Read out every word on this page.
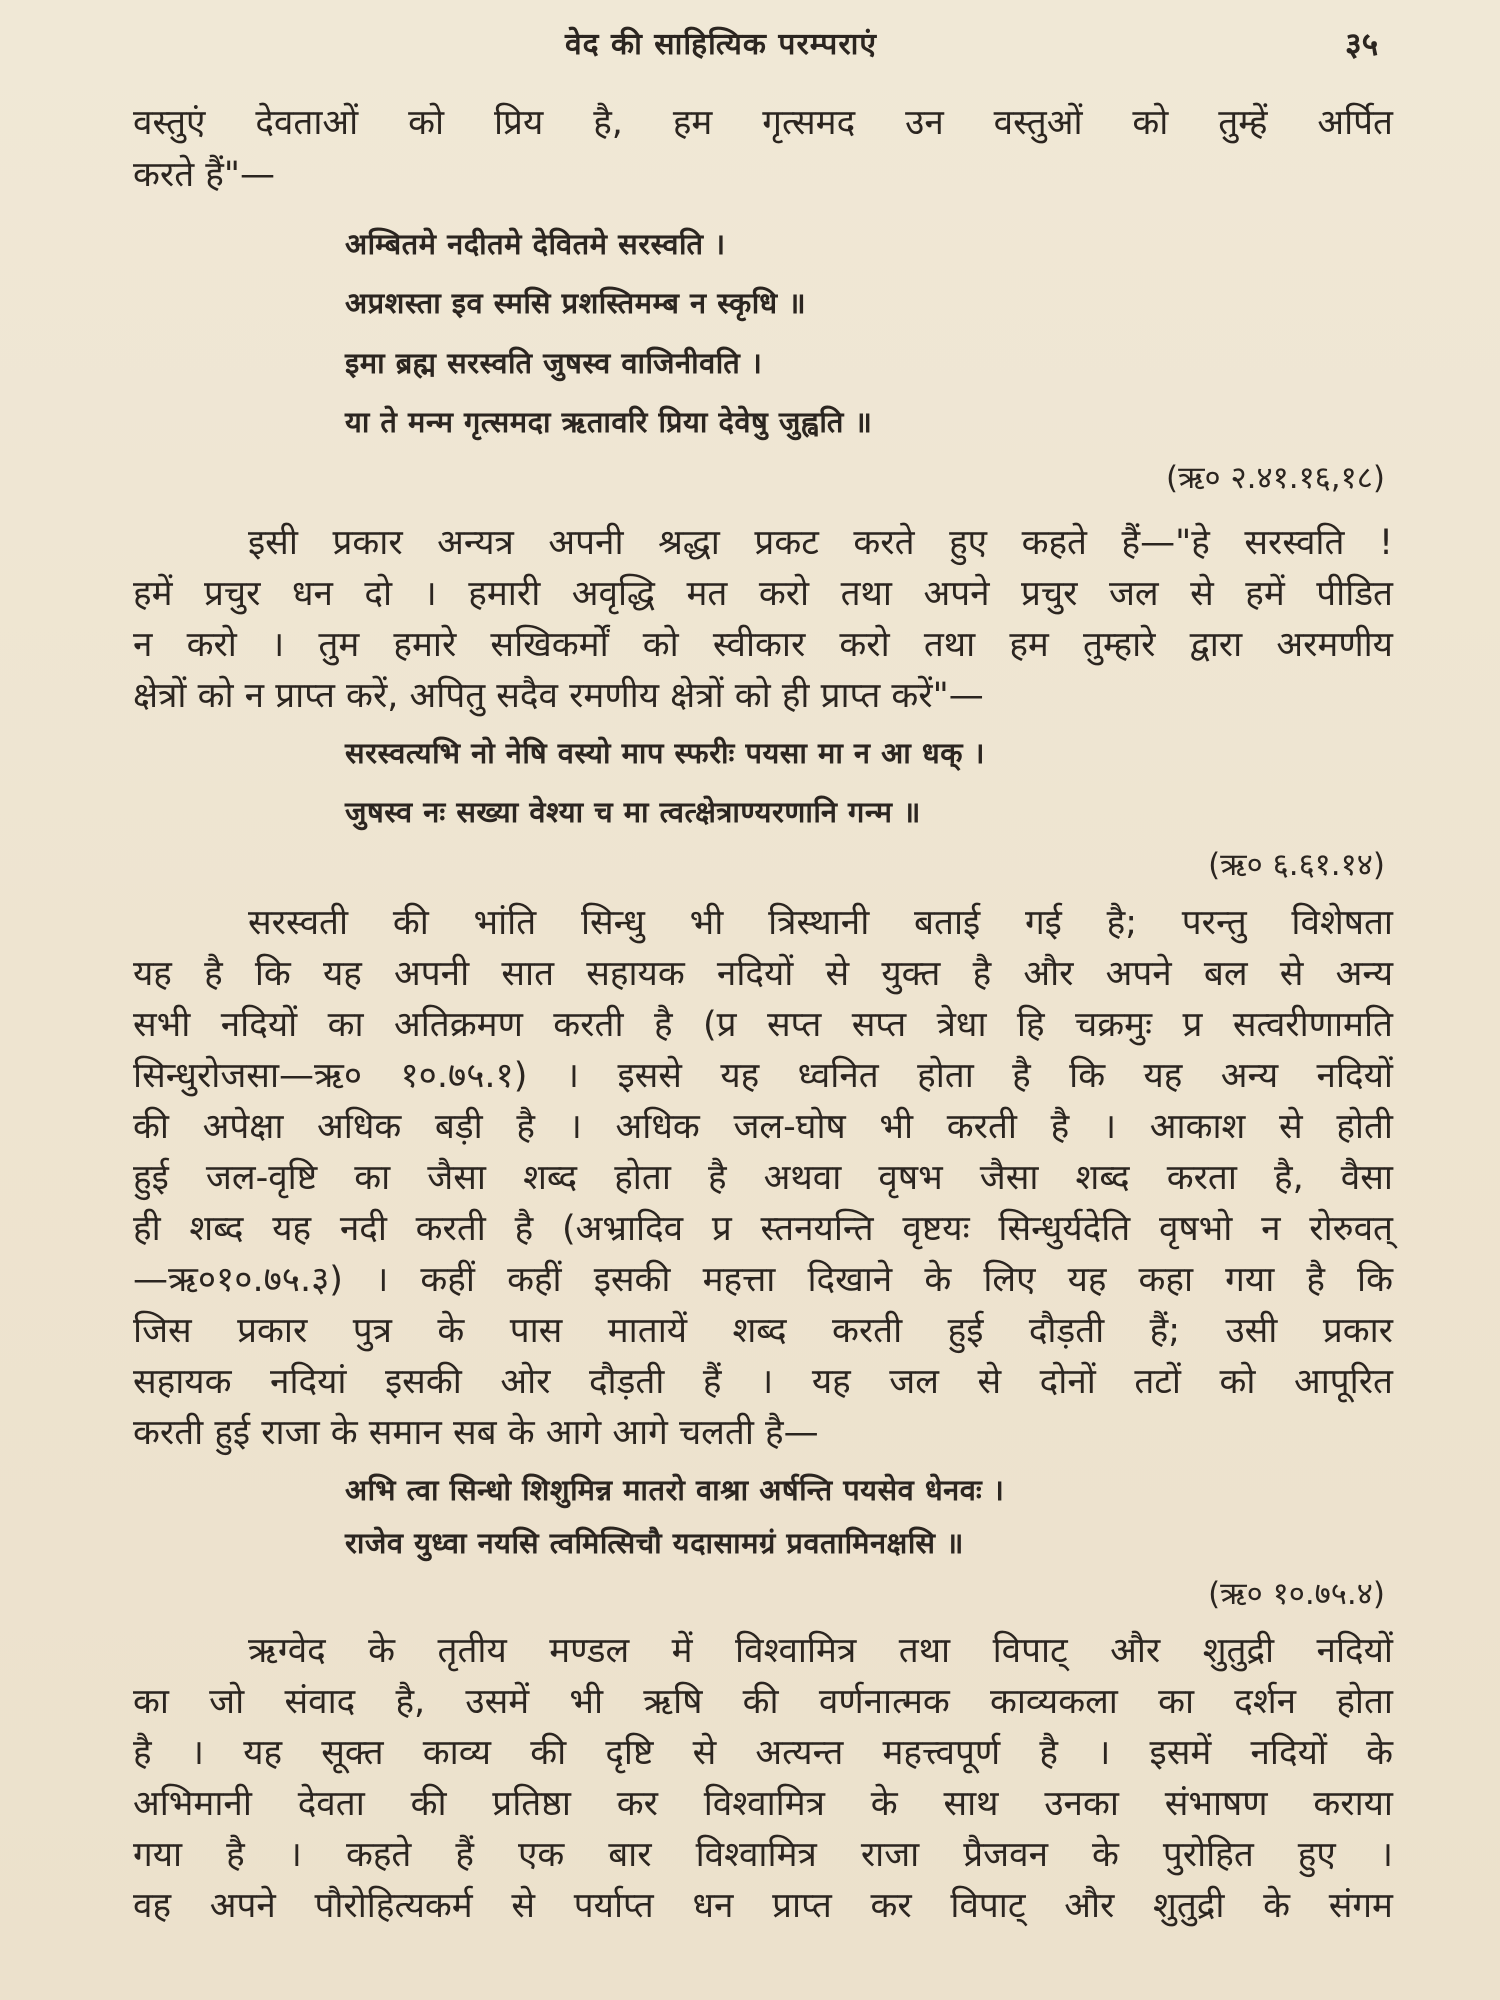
वेद की साहित्यिक परम्पराएं	३५
वस्तुएं देवताओं को प्रिय है, हम गृत्समद उन वस्तुओं को तुम्हें अर्पित
करते हैं"—
अम्बितमे नदीतमे देवितमे सरस्वति ।
अप्रशस्ता इव स्मसि प्रशस्तिमम्ब न स्कृधि ॥
इमा ब्रह्म सरस्वति जुषस्व वाजिनीवति ।
या ते मन्म गृत्समदा ऋतावरि प्रिया देवेषु जुह्वति ॥
(ऋ० २.४१.१६,१८)
इसी प्रकार अन्यत्र अपनी श्रद्धा प्रकट करते हुए कहते हैं—"हे सरस्वति !
हमें प्रचुर धन दो । हमारी अवृद्धि मत करो तथा अपने प्रचुर जल से हमें पीडित
न करो । तुम हमारे सखिकर्मों को स्वीकार करो तथा हम तुम्हारे द्वारा अरमणीय
क्षेत्रों को न प्राप्त करें, अपितु सदैव रमणीय क्षेत्रों को ही प्राप्त करें"—
सरस्वत्यभि नो नेषि वस्यो माप स्फरीः पयसा मा न आ धक् ।
जुषस्व नः सख्या वेश्या च मा त्वत्क्षेत्राण्यरणानि गन्म ॥
(ऋ० ६.६१.१४)
सरस्वती की भांति सिन्धु भी त्रिस्थानी बताई गई है; परन्तु विशेषता
यह है कि यह अपनी सात सहायक नदियों से युक्त है और अपने बल से अन्य
सभी नदियों का अतिक्रमण करती है (प्र सप्त सप्त त्रेधा हि चक्रमुः प्र सत्वरीणामति
सिन्धुरोजसा—ऋ० १०.७५.१) । इससे यह ध्वनित होता है कि यह अन्य नदियों
की अपेक्षा अधिक बड़ी है । अधिक जल-घोष भी करती है । आकाश से होती
हुई जल-वृष्टि का जैसा शब्द होता है अथवा वृषभ जैसा शब्द करता है, वैसा
ही शब्द यह नदी करती है (अभ्रादिव प्र स्तनयन्ति वृष्टयः सिन्धुर्यदेति वृषभो न रोरुवत्
—ऋ०१०.७५.३) । कहीं कहीं इसकी महत्ता दिखाने के लिए यह कहा गया है कि
जिस प्रकार पुत्र के पास मातायें शब्द करती हुई दौड़ती हैं; उसी प्रकार
सहायक नदियां इसकी ओर दौड़ती हैं । यह जल से दोनों तटों को आपूरित
करती हुई राजा के समान सब के आगे आगे चलती है—
अभि त्वा सिन्धो शिशुमिन्न मातरो वाश्रा अर्षन्ति पयसेव धेनवः ।
राजेव युध्वा नयसि त्वमित्सिचौ यदासामग्रं प्रवतामिनक्षसि ॥
(ऋ० १०.७५.४)
ऋग्वेद के तृतीय मण्डल में विश्वामित्र तथा विपाट् और शुतुद्री नदियों
का जो संवाद है, उसमें भी ऋषि की वर्णनात्मक काव्यकला का दर्शन होता
है । यह सूक्त काव्य की दृष्टि से अत्यन्त महत्त्वपूर्ण है । इसमें नदियों के
अभिमानी देवता की प्रतिष्ठा कर विश्वामित्र के साथ उनका संभाषण कराया
गया है । कहते हैं एक बार विश्वामित्र राजा प्रैजवन के पुरोहित हुए ।
वह अपने पौरोहित्यकर्म से पर्याप्त धन प्राप्त कर विपाट् और शुतुद्री के संगम
